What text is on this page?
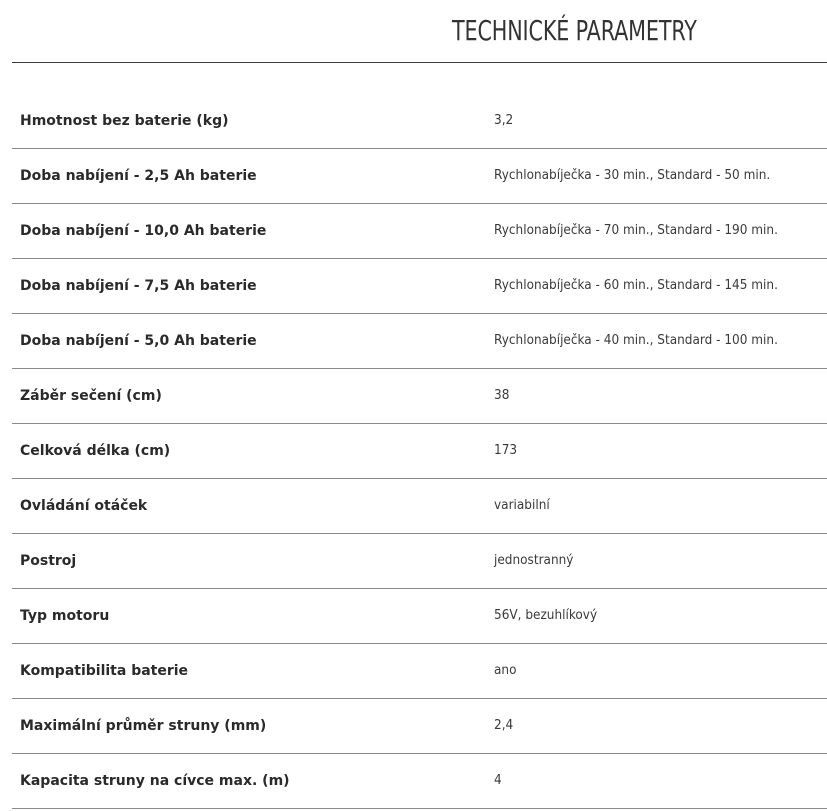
TECHNICKÉ PARAMETRY
Hmotnost bez baterie (kg)	3,2
Doba nabíjení - 2,5 Ah baterie	Rychlonabíječka - 30 min., Standard - 50 min.
Doba nabíjení - 10,0 Ah baterie	Rychlonabíječka - 70 min., Standard - 190 min.
Doba nabíjení - 7,5 Ah baterie	Rychlonabíječka - 60 min., Standard - 145 min.
Doba nabíjení - 5,0 Ah baterie	Rychlonabíječka - 40 min., Standard - 100 min.
Záběr sečení (cm)	38
Celková délka (cm)	173
Ovládání otáček	variabilní
Postroj	jednostranný
Typ motoru	56V, bezuhlíkový
Kompatibilita baterie	ano
Maximální průměr struny (mm)	2,4
Kapacita struny na cívce max. (m)	4
